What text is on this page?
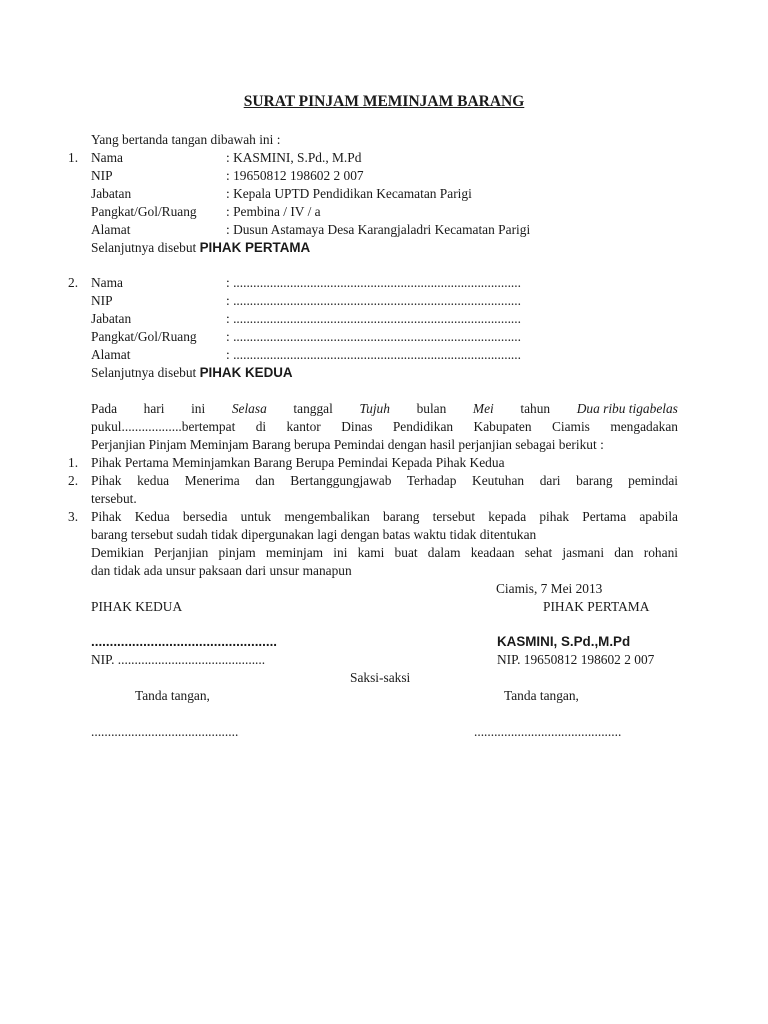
SURAT PINJAM MEMINJAM BARANG
Yang bertanda tangan dibawah ini :
1. Nama	: KASMINI, S.Pd., M.Pd
NIP	: 19650812 198602 2 007
Jabatan	: Kepala UPTD Pendidikan Kecamatan Parigi
Pangkat/Gol/Ruang : Pembina / IV / a
Alamat	: Dusun Astamaya Desa Karangjaladri Kecamatan Parigi
Selanjutnya disebut PIHAK PERTAMA
2. Nama	: ......................................................................................
NIP	: ......................................................................................
Jabatan	: ......................................................................................
Pangkat/Gol/Ruang : ......................................................................................
Alamat	: ......................................................................................
Selanjutnya disebut PIHAK KEDUA
Pada hari ini Selasa tanggal Tujuh bulan Mei tahun Dua ribu tigabelas
pukul..................bertempat di kantor Dinas Pendidikan Kabupaten Ciamis mengadakan
Perjanjian Pinjam Meminjam Barang berupa Pemindai dengan hasil perjanjian sebagai berikut :
1. Pihak Pertama Meminjamkan Barang Berupa Pemindai Kepada Pihak Kedua
2. Pihak kedua Menerima dan Bertanggungjawab Terhadap Keutuhan dari barang pemindai
tersebut.
3. Pihak Kedua bersedia untuk mengembalikan barang tersebut kepada pihak Pertama apabila
barang tersebut sudah tidak dipergunakan lagi dengan batas waktu tidak ditentukan
Demikian Perjanjian pinjam meminjam ini kami buat dalam keadaan sehat jasmani dan rohani
dan tidak ada unsur paksaan dari unsur manapun
Ciamis, 7 Mei 2013
PIHAK KEDUA	PIHAK PERTAMA
..................................................	KASMINI, S.Pd.,M.Pd
NIP. ............................................	NIP. 19650812 198602 2 007
Saksi-saksi
Tanda tangan,	Tanda tangan,
............................................	............................................
